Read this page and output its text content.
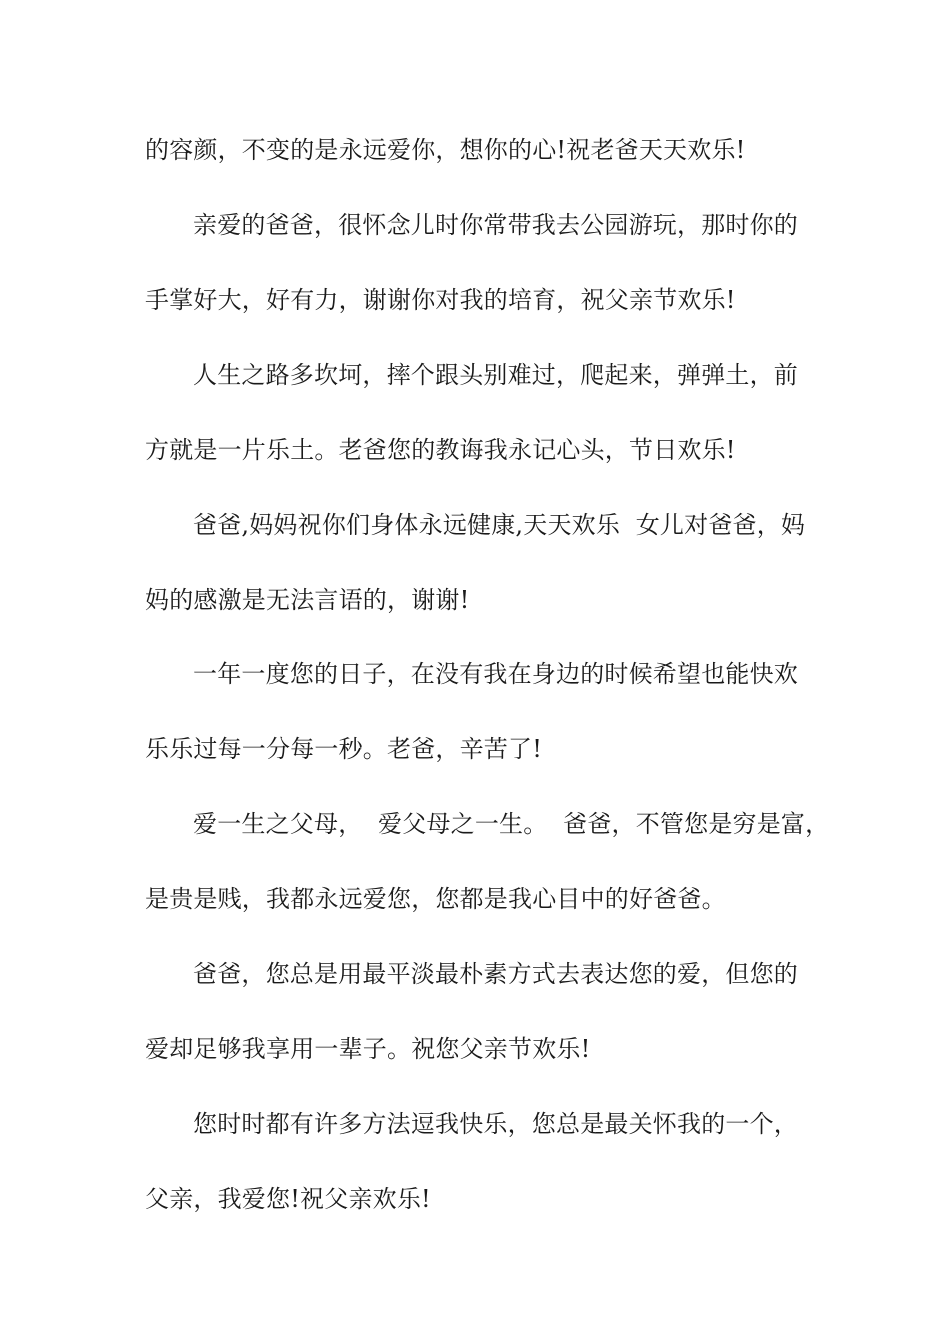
的容颜，不变的是永远爱你，想你的心!祝老爸天天欢乐!
亲爱的爸爸，很怀念儿时你常带我去公园游玩，那时你的
手掌好大，好有力，谢谢你对我的培育，祝父亲节欢乐!
人生之路多坎坷，摔个跟头别难过，爬起来，弹弹土，前
方就是一片乐土。老爸您的教诲我永记心头，节日欢乐!
爸爸,妈妈祝你们身体永远健康,天天欢乐  女儿对爸爸，妈
妈的感激是无法言语的，谢谢!
一年一度您的日子，在没有我在身边的时候希望也能快欢
乐乐过每一分每一秒。老爸，辛苦了!
爱一生之父母，  爱父母之一生。  爸爸，不管您是穷是富，
是贵是贱，我都永远爱您，您都是我心目中的好爸爸。
爸爸，您总是用最平淡最朴素方式去表达您的爱，但您的
爱却足够我享用一辈子。祝您父亲节欢乐!
您时时都有许多方法逗我快乐，您总是最关怀我的一个，
父亲，我爱您!祝父亲欢乐!
